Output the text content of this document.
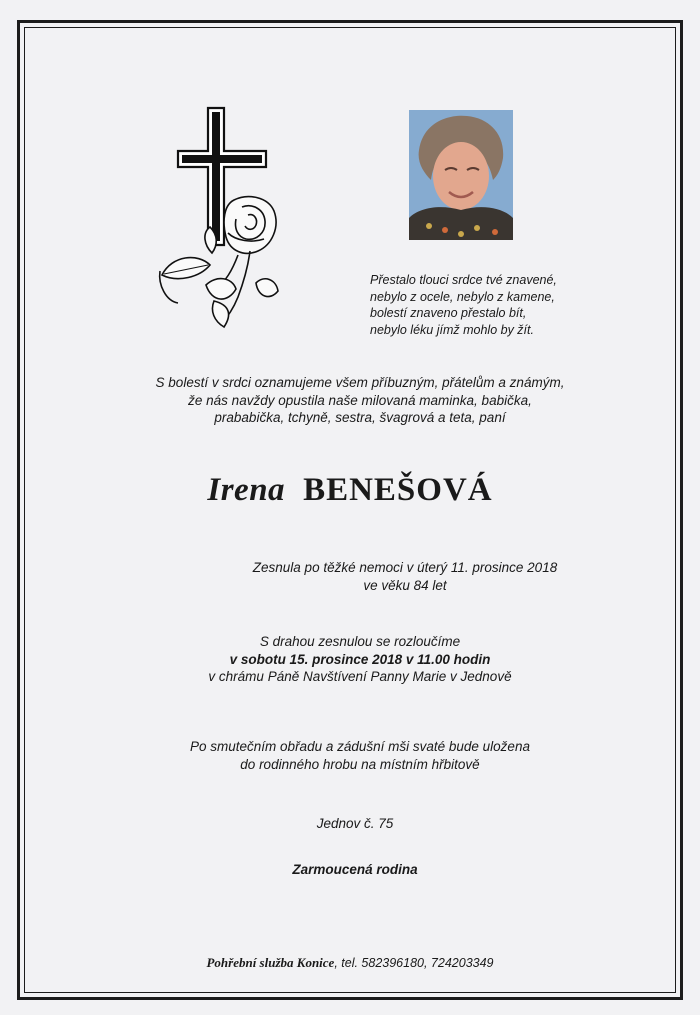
Přestalo tlouci srdce tvé znavené,
nebylo z ocele, nebylo z kamene,
bolestí znaveno přestalo bít,
nebylo léku jímž mohlo by žít.
S bolestí v srdci oznamujeme všem příbuzným, přátelům a známým,
že nás navždy opustila naše milovaná maminka, babička,
prababička, tchyně, sestra, švagrová a teta, paní
Irena BENEŠOVÁ
Zesnula po těžké nemoci v úterý 11. prosince 2018
ve věku 84 let
S drahou zesnulou se rozloučíme
v sobotu 15. prosince 2018 v 11.00 hodin
v chrámu Páně Navštívení Panny Marie v Jednově
Po smutečním obřadu a zádušní mši svaté bude uložena
do rodinného hrobu na místním hřbitově
Jednov č. 75
Zarmoucená rodina
Pohřební služba Konice, tel. 582396180, 724203349
